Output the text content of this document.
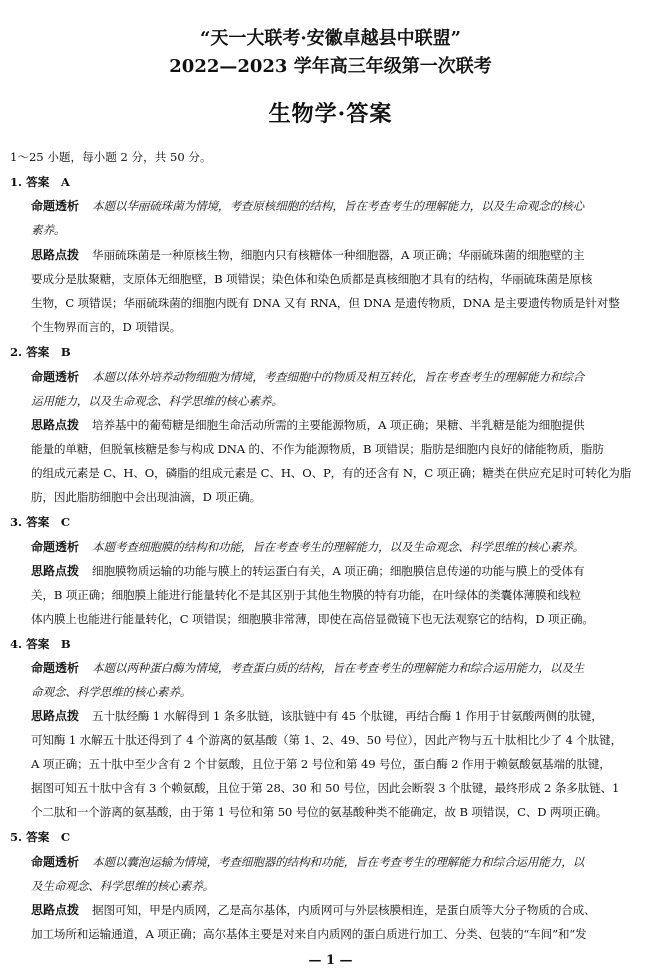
“天一大联考·安徽卓越县中联盟”
2022—2023 学年高三年级第一次联考
生物学·答案
1～25 小题，每小题 2 分，共 50 分。
1. 答案　A
命题透析 本题以华丽硫珠菌为情境，考查原核细胞的结构，旨在考查考生的理解能力，以及生命观念的核心
素养。
思路点拨 华丽硫珠菌是一种原核生物，细胞内只有核糖体一种细胞器，A 项正确；华丽硫珠菌的细胞壁的主
要成分是肽聚糖，支原体无细胞壁，B 项错误；染色体和染色质都是真核细胞才具有的结构，华丽硫珠菌是原核
生物，C 项错误；华丽硫珠菌的细胞内既有 DNA 又有 RNA，但 DNA 是遗传物质，DNA 是主要遗传物质是针对整
个生物界而言的，D 项错误。
2. 答案　B
命题透析 本题以体外培养动物细胞为情境，考查细胞中的物质及相互转化，旨在考查考生的理解能力和综合
运用能力，以及生命观念、科学思维的核心素养。
思路点拨 培养基中的葡萄糖是细胞生命活动所需的主要能源物质，A 项正确；果糖、半乳糖是能为细胞提供
能量的单糖，但脱氧核糖是参与构成 DNA 的、不作为能源物质，B 项错误；脂肪是细胞内良好的储能物质，脂肪
的组成元素是 C、H、O，磷脂的组成元素是 C、H、O、P，有的还含有 N，C 项正确；糖类在供应充足时可转化为脂
肪，因此脂肪细胞中会出现油滴，D 项正确。
3. 答案　C
命题透析 本题考查细胞膜的结构和功能，旨在考查考生的理解能力，以及生命观念、科学思维的核心素养。
思路点拨 细胞膜物质运输的功能与膜上的转运蛋白有关，A 项正确；细胞膜信息传递的功能与膜上的受体有
关，B 项正确；细胞膜上能进行能量转化不是其区别于其他生物膜的特有功能，在叶绿体的类囊体薄膜和线粒
体内膜上也能进行能量转化，C 项错误；细胞膜非常薄，即使在高倍显微镜下也无法观察它的结构，D 项正确。
4. 答案　B
命题透析 本题以两种蛋白酶为情境，考查蛋白质的结构，旨在考查考生的理解能力和综合运用能力，以及生
命观念、科学思维的核心素养。
思路点拨 五十肽经酶 1 水解得到 1 条多肽链，该肽链中有 45 个肽键，再结合酶 1 作用于甘氨酸两侧的肽键，
可知酶 1 水解五十肽还得到了 4 个游离的氨基酸（第 1、2、49、50 号位），因此产物与五十肽相比少了 4 个肽键，
A 项正确；五十肽中至少含有 2 个甘氨酸，且位于第 2 号位和第 49 号位，蛋白酶 2 作用于赖氨酸氨基端的肽键，
据图可知五十肽中含有 3 个赖氨酸，且位于第 28、30 和 50 号位，因此会断裂 3 个肽键，最终形成 2 条多肽链、1
个二肽和一个游离的氨基酸，由于第 1 号位和第 50 号位的氨基酸种类不能确定，故 B 项错误，C、D 两项正确。
5. 答案　C
命题透析 本题以囊泡运输为情境，考查细胞器的结构和功能，旨在考查考生的理解能力和综合运用能力，以
及生命观念、科学思维的核心素养。
思路点拨 据图可知，甲是内质网，乙是高尔基体，内质网可与外层核膜相连，是蛋白质等大分子物质的合成、
加工场所和运输通道，A 项正确；高尔基体主要是对来自内质网的蛋白质进行加工、分类、包装的“车间”和“发
— 1 —
